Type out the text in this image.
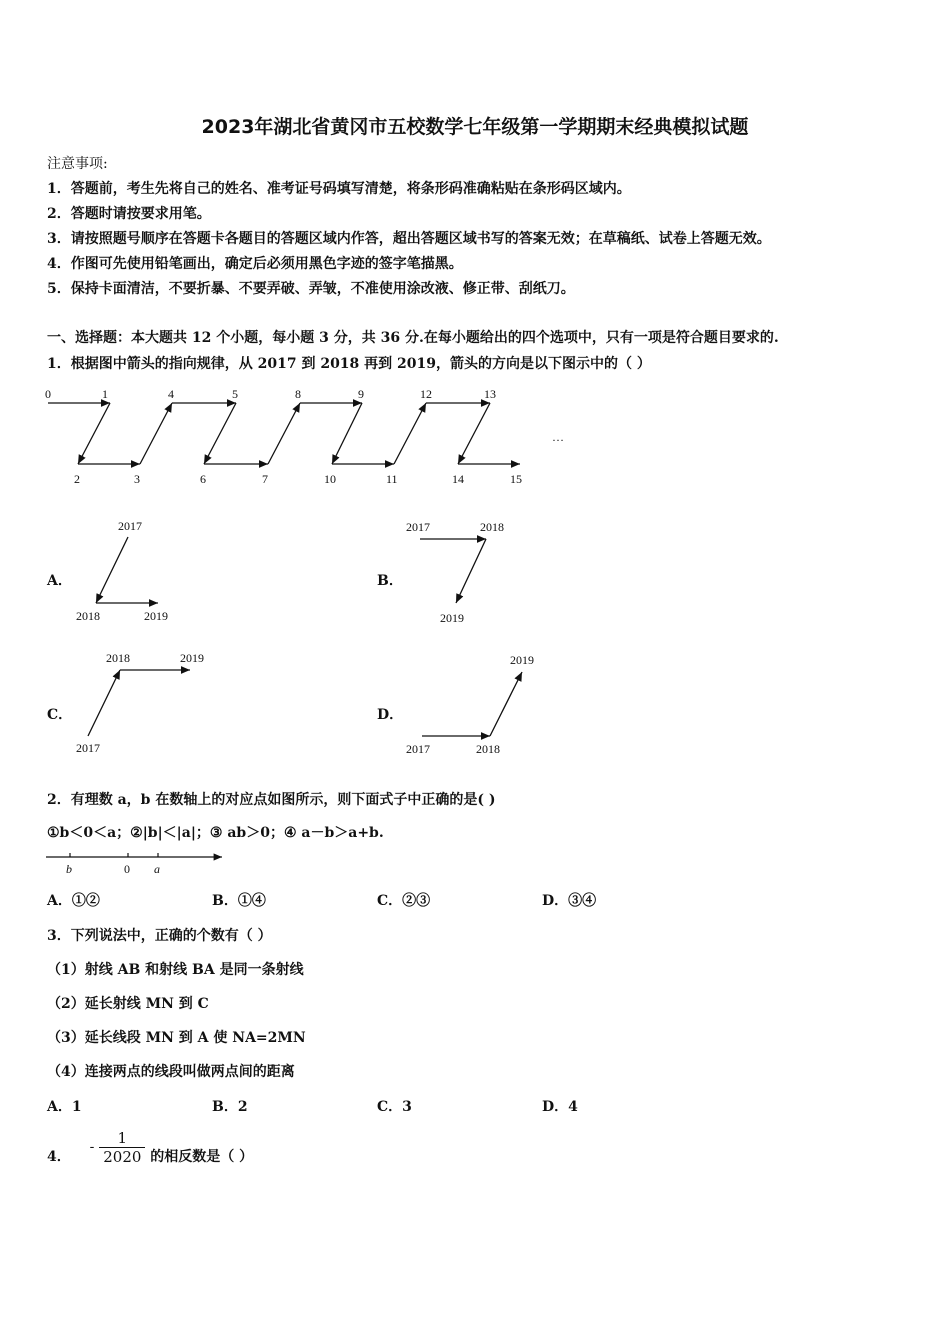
2023年湖北省黄冈市五校数学七年级第一学期期末经典模拟试题
注意事项:
1．答题前，考生先将自己的姓名、准考证号码填写清楚，将条形码准确粘贴在条形码区域内。
2．答题时请按要求用笔。
3．请按照题号顺序在答题卡各题目的答题区域内作答，超出答题区域书写的答案无效；在草稿纸、试卷上答题无效。
4．作图可先使用铅笔画出，确定后必须用黑色字迹的签字笔描黑。
5．保持卡面清洁，不要折暴、不要弄破、弄皱，不准使用涂改液、修正带、刮纸刀。
一、选择题：本大题共 12 个小题，每小题 3 分，共 36 分.在每小题给出的四个选项中，只有一项是符合题目要求的.
1．根据图中箭头的指向规律，从 2017 到 2018 再到 2019，箭头的方向是以下图示中的（ ）
0	1
2	3
4	5
6	7
8	9
10	11
12	13
14	15
…
A．
2017
2018	2019
B．
2017	2018
2019
C．
2017
2018	2019
D．
2017	2018
2019
2．有理数 a，b 在数轴上的对应点如图所示，则下面式子中正确的是( )
①b＜0＜a；②|b|＜|a|；③ ab＞0；④ a－b＞a+b.
b	0 a
A．①②	B．①④	C．②③	D．③④
3．下列说法中，正确的个数有（ ）
（1）射线 AB 和射线 BA 是同一条射线
（2）延长射线 MN 到 C
（3）延长线段 MN 到 A 使 NA=2MN
（4）连接两点的线段叫做两点间的距离
A．1	B．2	C．3	D．4
4． - $\frac{1}{2020}$ 的相反数是（ ）
